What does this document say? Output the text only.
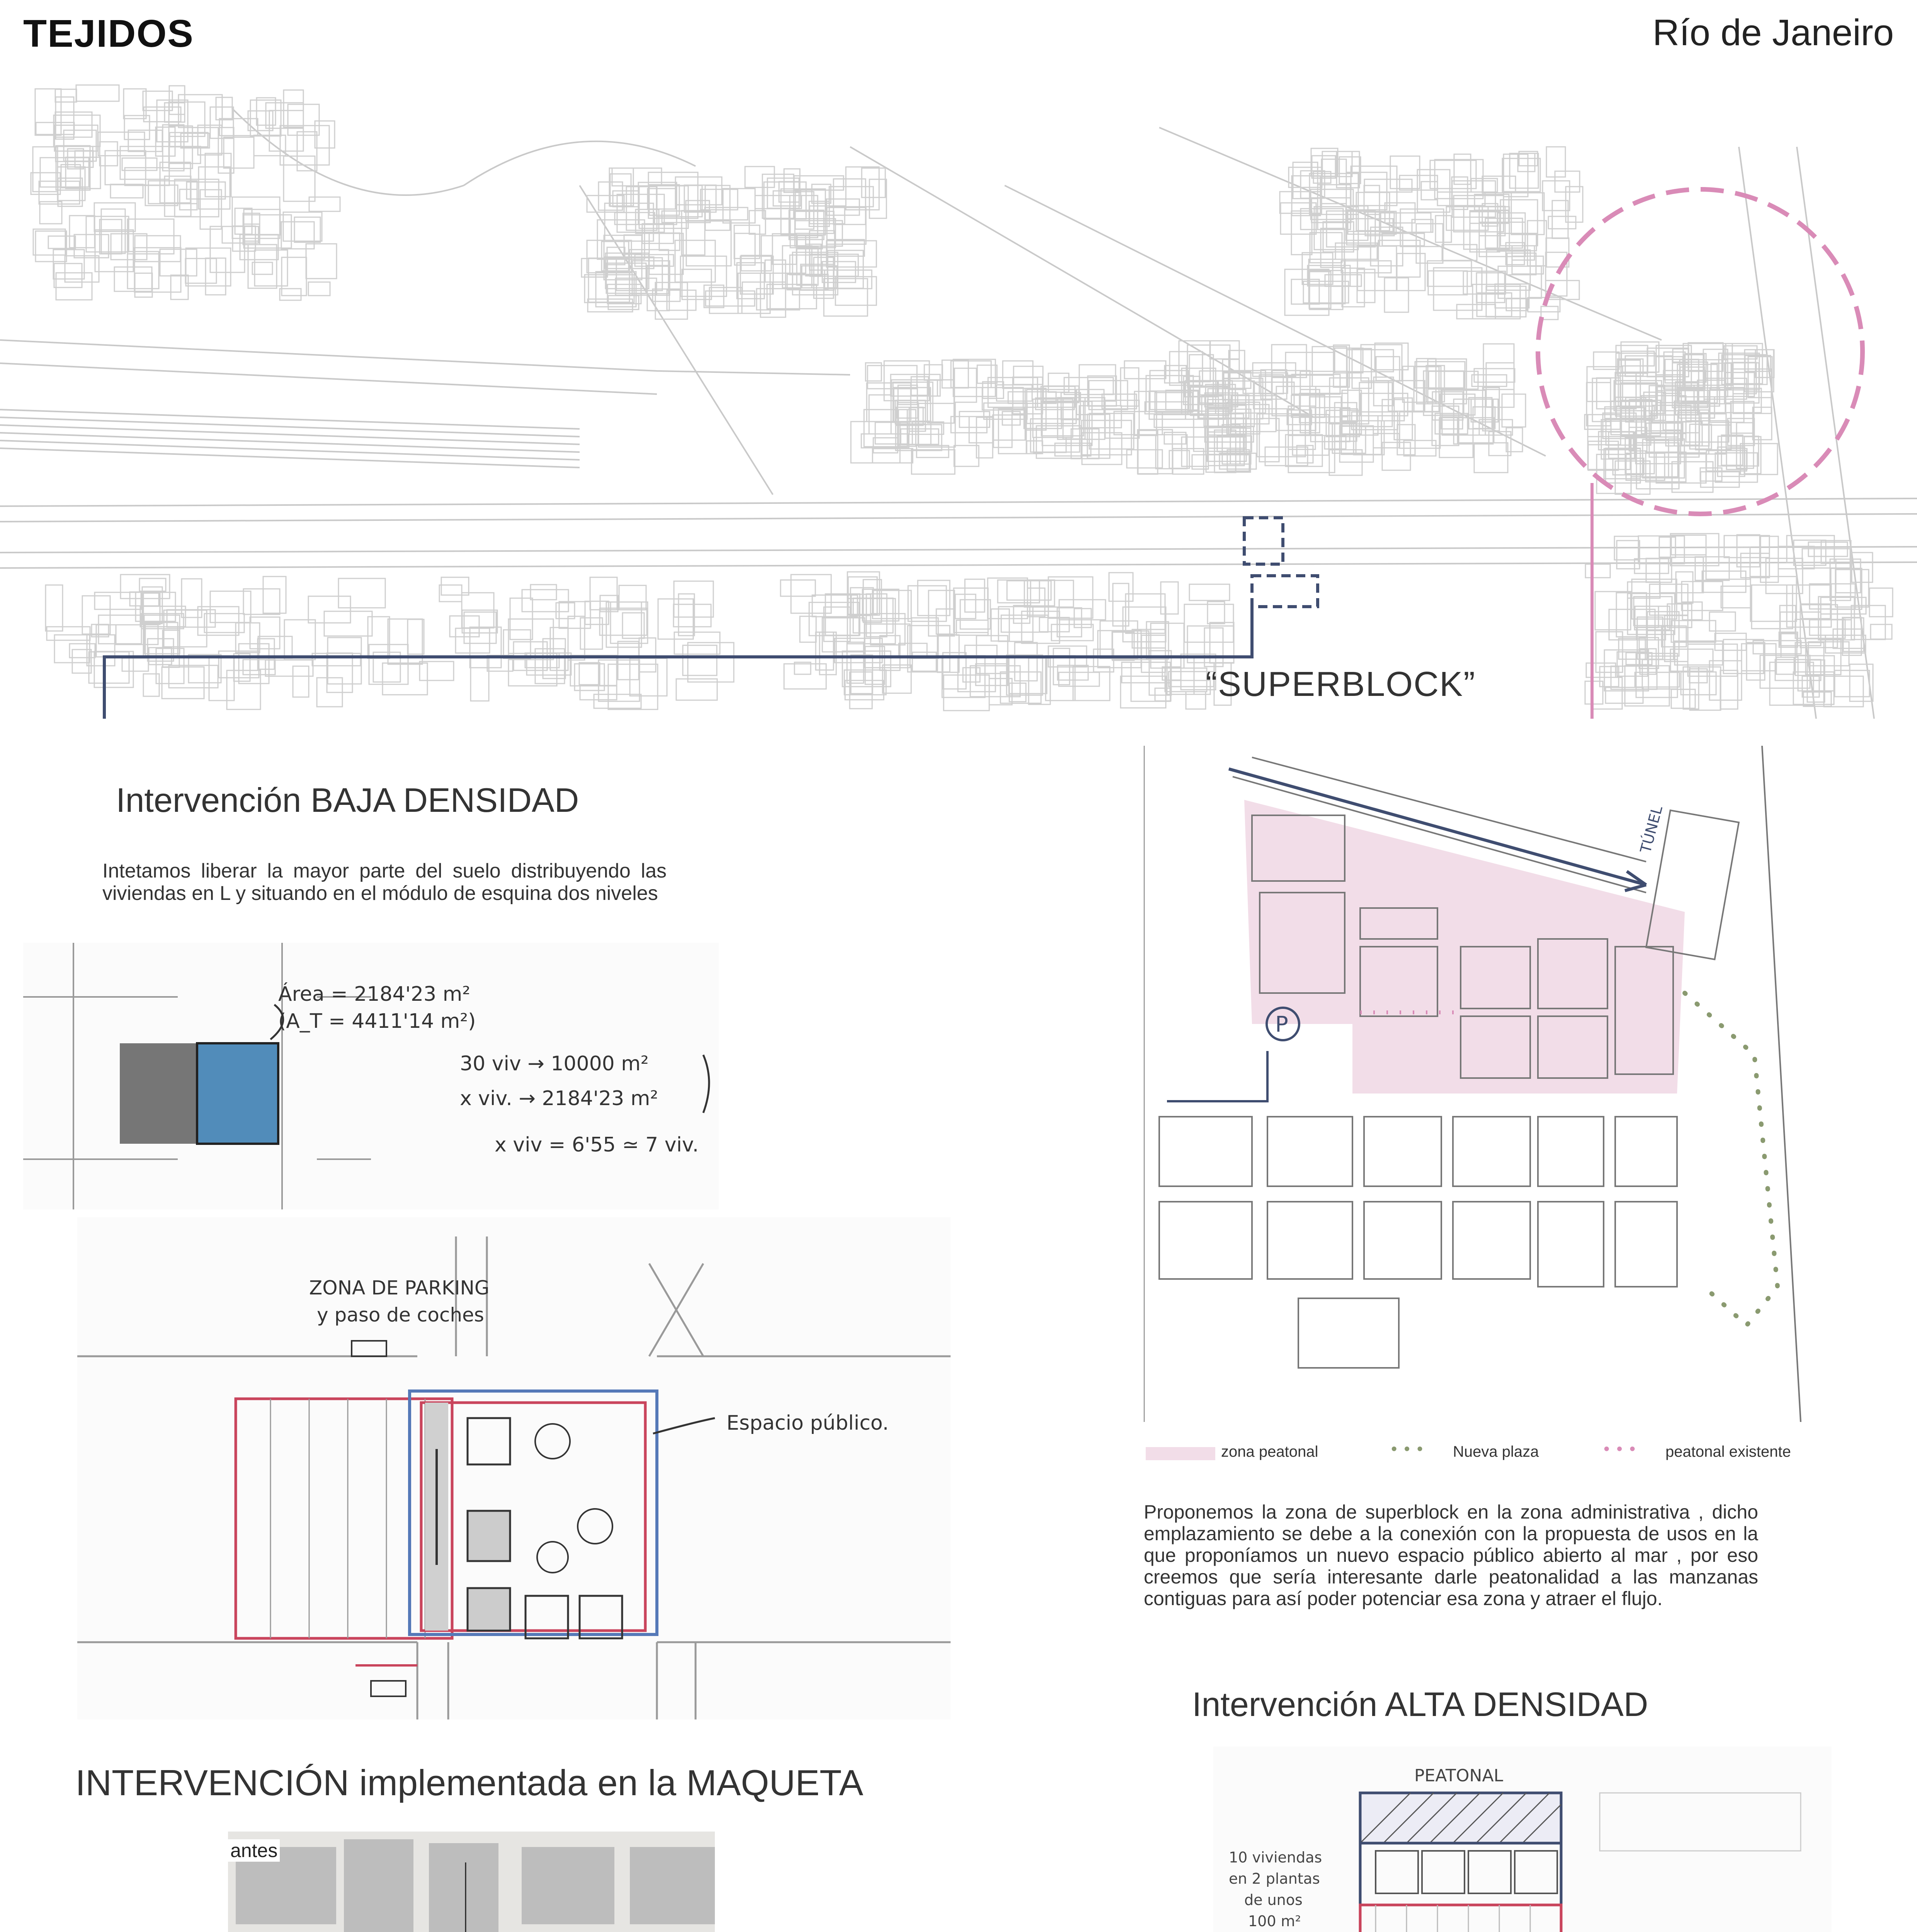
TEJIDOS	Río de Janeiro
“SUPERBLOCK”
Intervención BAJA DENSIDAD
Intetamos liberar la mayor parte del suelo distribuyendo las viviendas en L y situando en el módulo de esquina dos niveles
Área = 2184'23 m²
(A_T = 4411'14 m²)
30 viv → 10000 m²
x viv. → 2184'23 m²
x viv = 6'55 ≃ 7 viv.
ZONA DE PARKING
y paso de coches
Espacio público.
TÚNEL
P
zona peatonal	••• Nueva plaza	••• peatonal existente
Proponemos la zona de superblock en la zona administrativa , dicho emplazamiento se debe a la conexión con la propuesta de usos en la que proponíamos un nuevo espacio público abierto al mar , por eso creemos que sería interesante darle peatonalidad a las manzanas contiguas para así poder potenciar esa zona y atraer el flujo.
Intervención ALTA DENSIDAD
PEATONAL
10 viviendas
en 2 plantas
de unos
100 m²
INTERVENCIÓN implementada en la MAQUETA
antes
